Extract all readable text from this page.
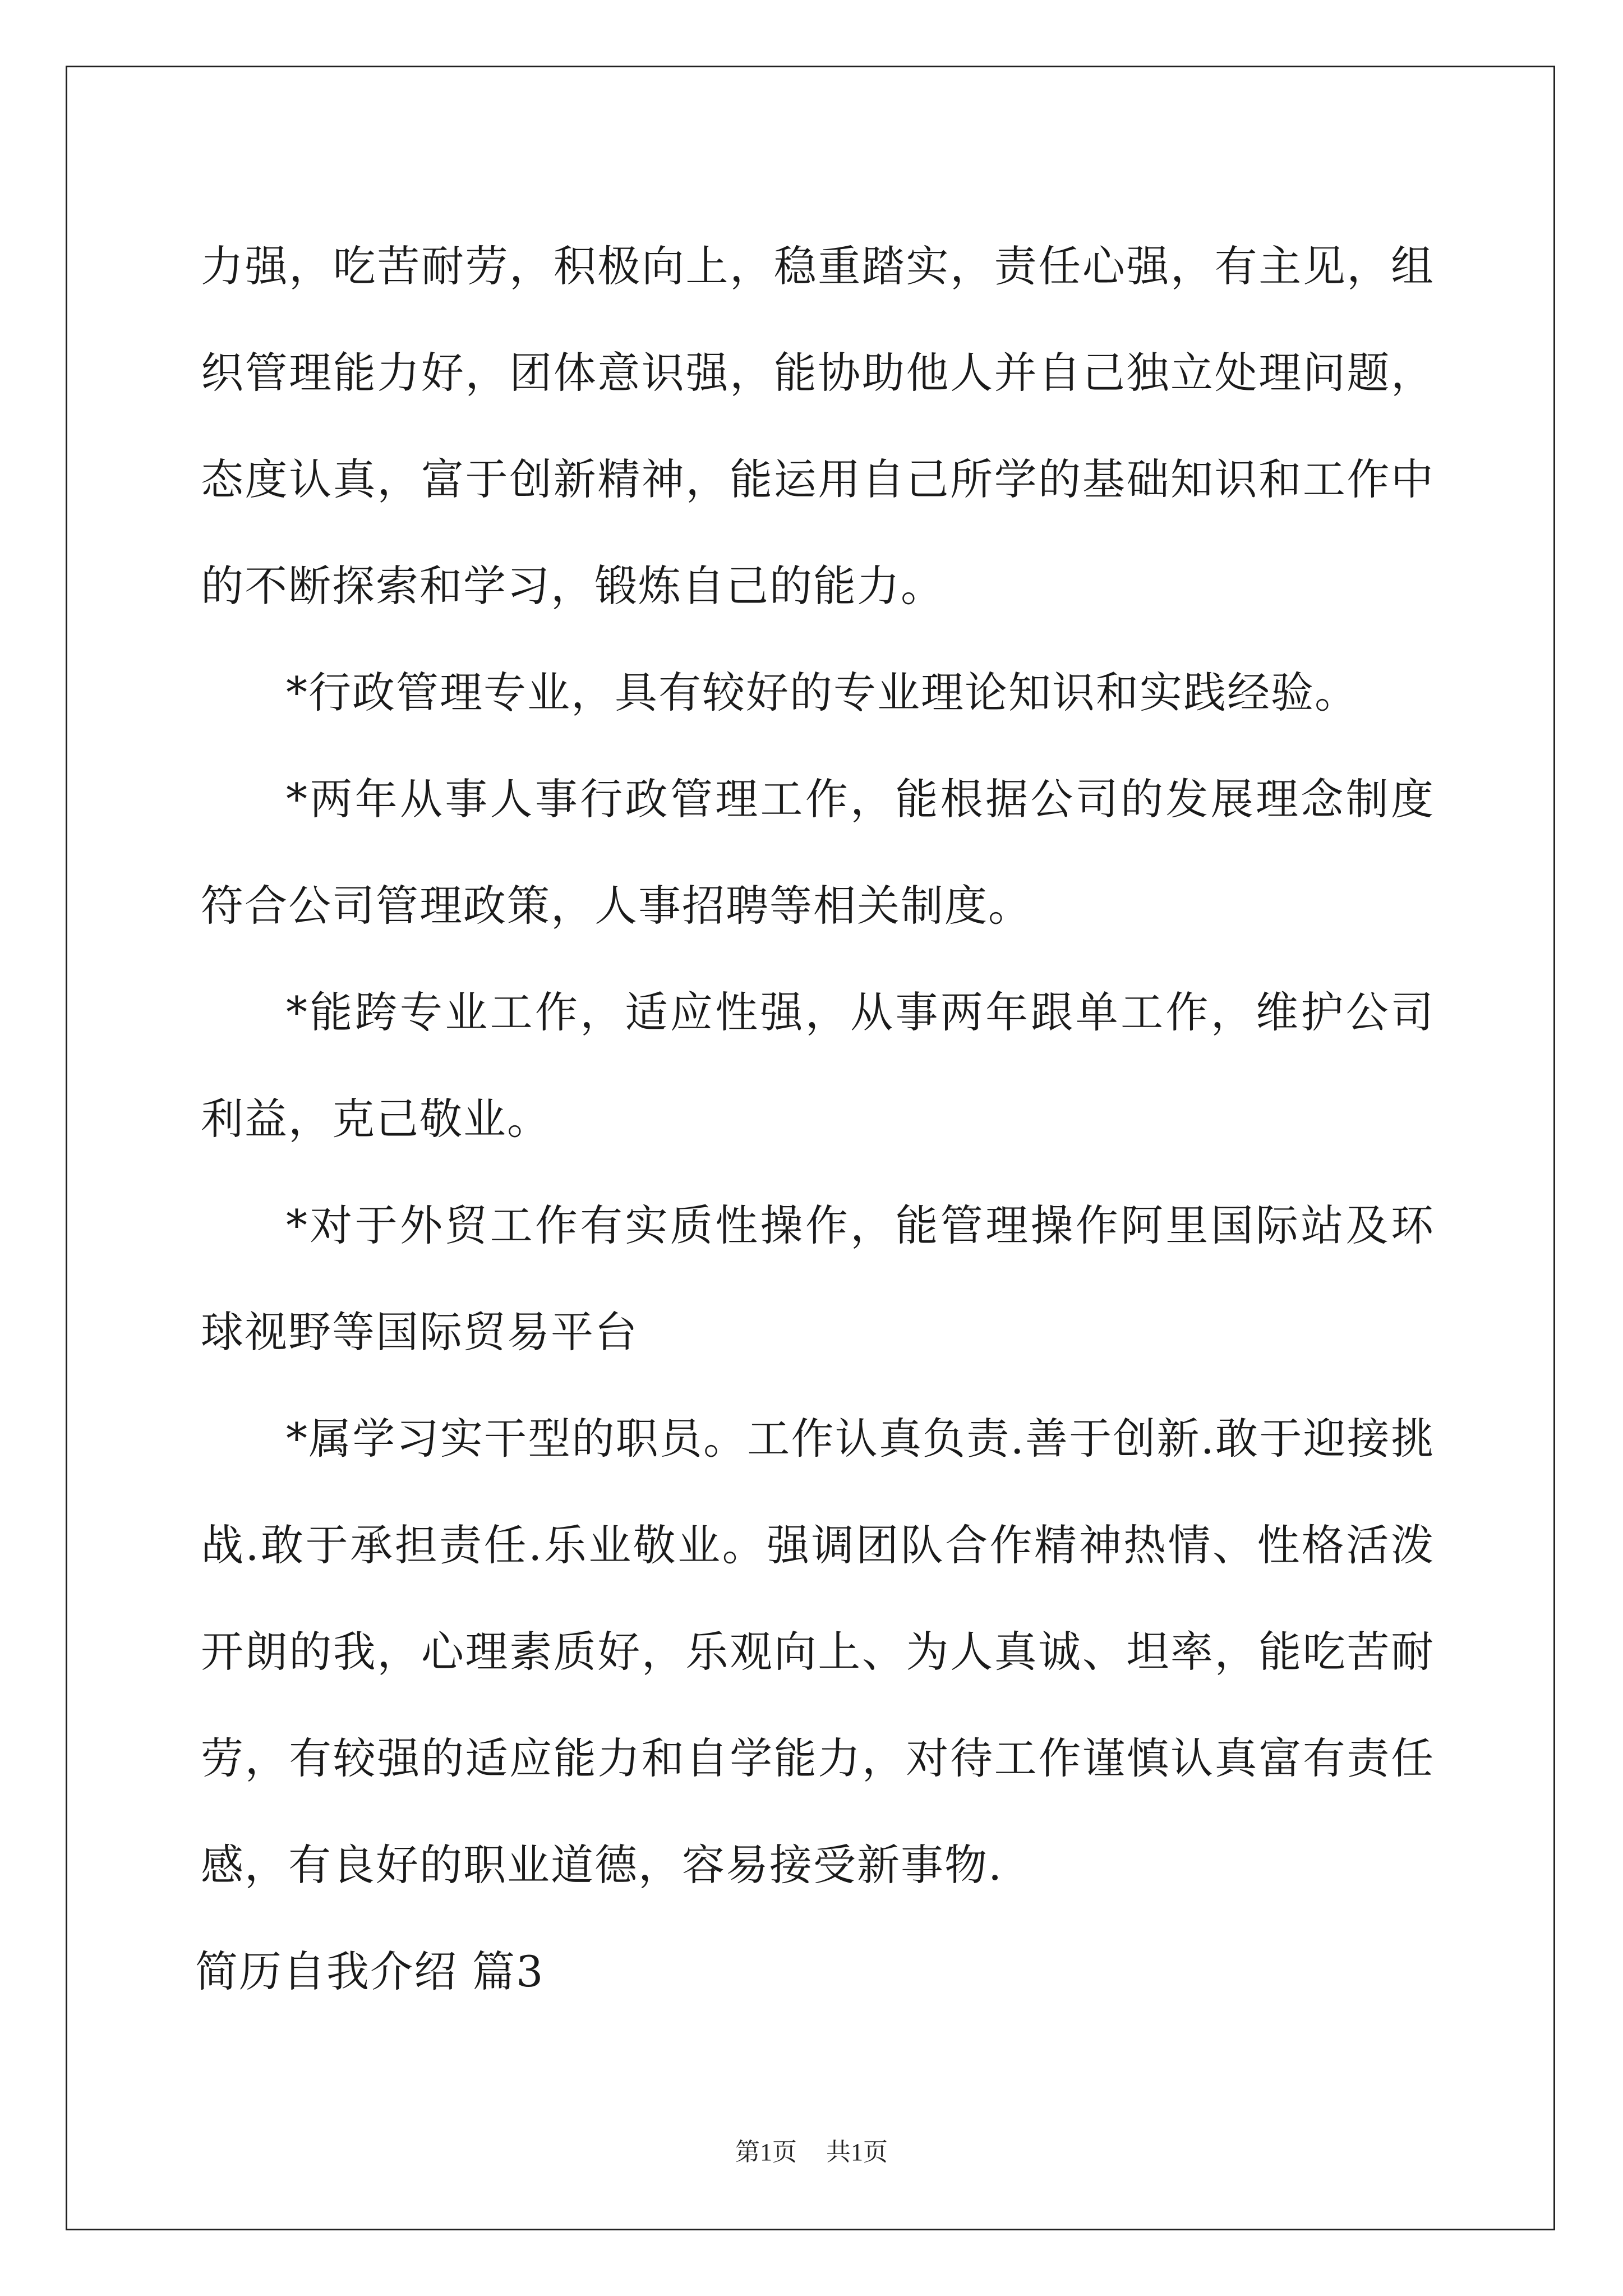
力强，吃苦耐劳，积极向上，稳重踏实，责任心强，有主见，组织管理能力好，团体意识强，能协助他人并自己独立处理问题，态度认真，富于创新精神，能运用自己所学的基础知识和工作中的不断探索和学习，锻炼自己的能力。

*行政管理专业，具有较好的专业理论知识和实践经验。

*两年从事人事行政管理工作，能根据公司的发展理念制度符合公司管理政策，人事招聘等相关制度。

*能跨专业工作，适应性强，从事两年跟单工作，维护公司利益，克己敬业。

*对于外贸工作有实质性操作，能管理操作阿里国际站及环球视野等国际贸易平台

*属学习实干型的职员。工作认真负责.善于创新.敢于迎接挑战.敢于承担责任.乐业敬业。强调团队合作精神热情、性格活泼开朗的我，心理素质好，乐观向上、为人真诚、坦率，能吃苦耐劳，有较强的适应能力和自学能力，对待工作谨慎认真富有责任感，有良好的职业道德，容易接受新事物.

简历自我介绍 篇3

第1页 共1页
